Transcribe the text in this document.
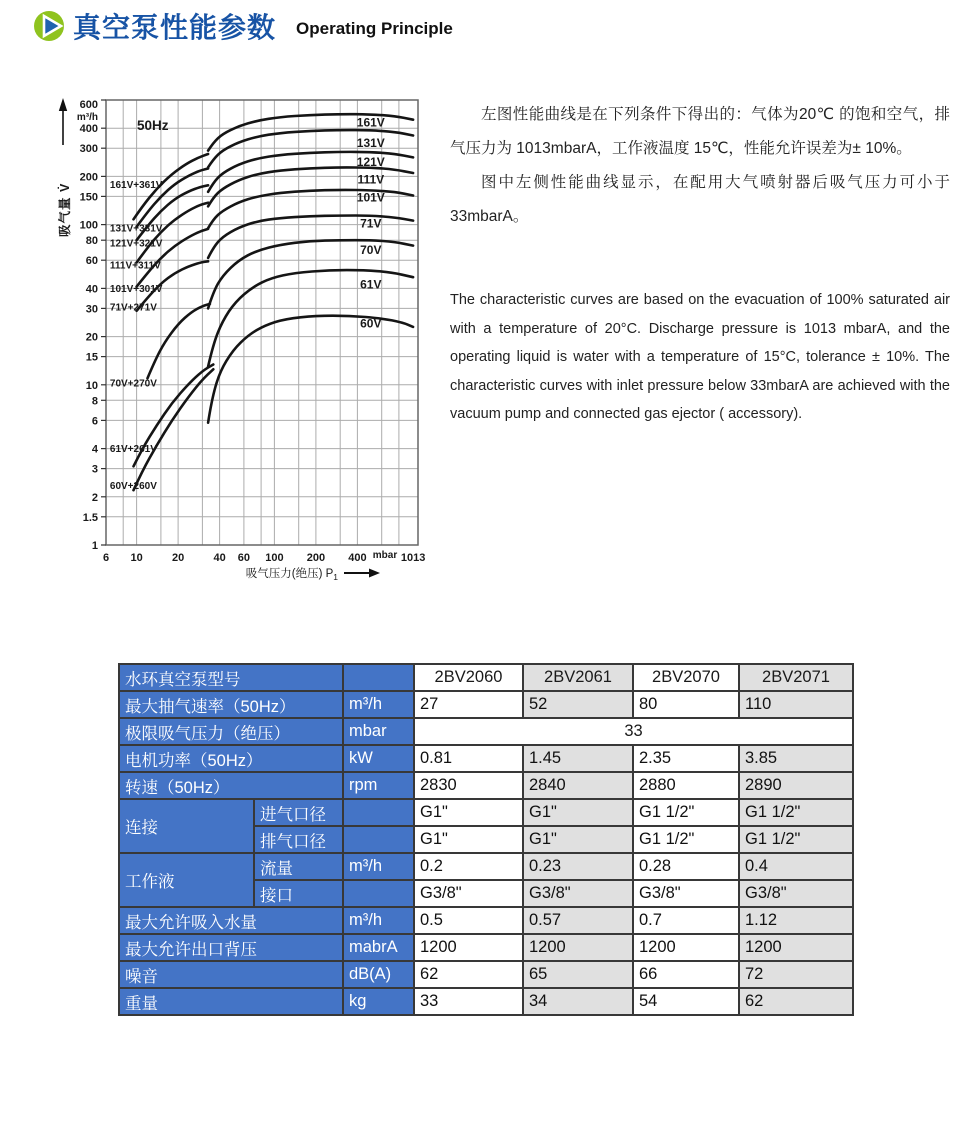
真空泵性能参数 Operating Principle
600
400
300
200
150
100
80
60
40
30
20
15
10
8
6
4
3
2
1.5
1
m³/h
6 10	20	40 60 100 200 400	1013
mbar
吸气量 V̇
吸气压力(绝压) $P_1$
50Hz	161V
131V
121V
111V
101V
71V
70V
61V
60V
161V+361V
131V+331V
121V+321V
111V+311V
101V+301V
71V+271V
70V+270V
61V+261V
60V+260V

左图性能曲线是在下列条件下得出的：气体为20℃ 的饱和空气，排气压力为 1013mbarA，工作液温度 15℃，性能允许误差为± 10%。

图中左侧性能曲线显示，在配用大气喷射器后吸气压力可小于33mbarA。

The characteristic curves are based on the evacuation of 100% saturated air with a temperature of 20°C. Discharge pressure is 1013 mbarA, and the operating liquid is water with a temperature of 15°C, tolerance ± 10%. The characteristic curves with inlet pressure below 33mbarA are achieved with the vacuum pump and connected gas ejector ( accessory).

水环真空泵型号			2BV2060	2BV2061	2BV2070	2BV2071
最大抽气速率（50Hz）		m³/h	27	52	80	110
极限吸气压力（绝压）		mbar	33			
电机功率（50Hz）		kW	0.81	1.45	2.35	3.85
转速（50Hz）		rpm	2830	2840	2880	2890
连接	进气口径		G1"	G1"	G1 1/2"	G1 1/2"
	排气口径		G1"	G1"	G1 1/2"	G1 1/2"
工作液	流量	m³/h	0.2	0.23	0.28	0.4
	接口		G3/8"	G3/8"	G3/8"	G3/8"
最大允许吸入水量		m³/h	0.5	0.57	0.7	1.12
最大允许出口背压		mabrA	1200	1200	1200	1200
噪音		dB(A)	62	65	66	72
重量		kg	33	34	54	62
